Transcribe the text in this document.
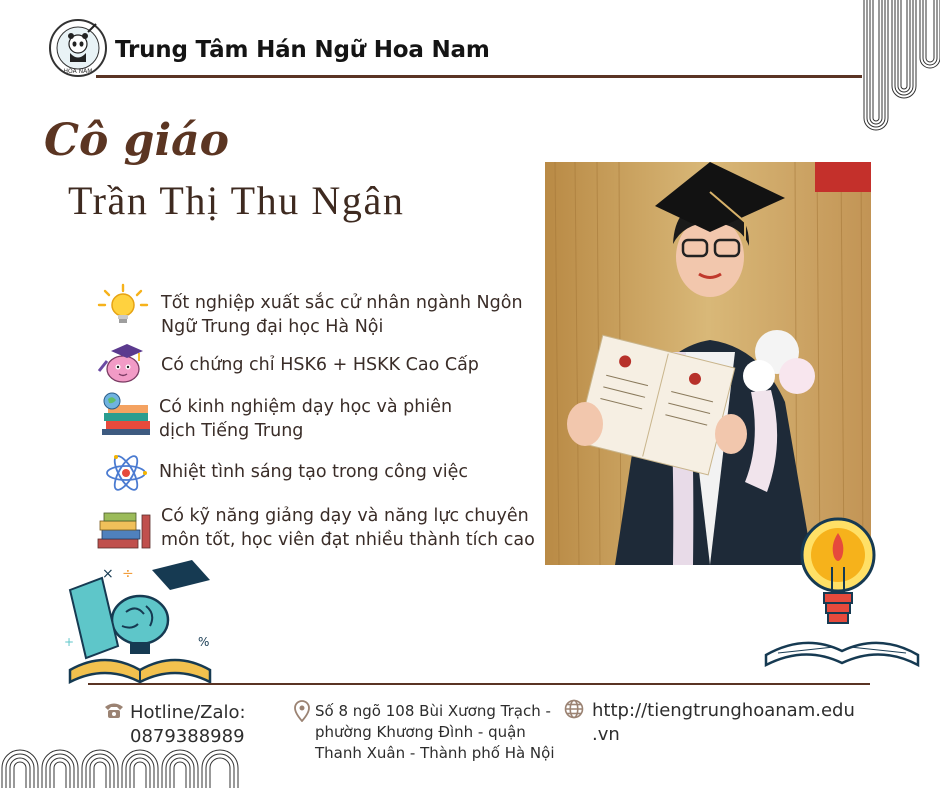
HOA NAM
Trung Tâm Hán Ngữ Hoa Nam
Cô giáo
Trần Thị Thu Ngân
Tốt nghiệp xuất sắc cử nhân ngành Ngôn
Ngữ Trung đại học Hà Nội
Có chứng chỉ HSK6 + HSKK Cao Cấp
Có kinh nghiệm dạy học và phiên
dịch Tiếng Trung
Nhiệt tình sáng tạo trong công việc
Có kỹ năng giảng dạy và năng lực chuyên
môn tốt, học viên đạt nhiều thành tích cao
× ÷
%
+
Hotline/Zalo:
0879388989
Số 8 ngõ 108 Bùi Xương Trạch -
phường Khương Đình - quận
Thanh Xuân - Thành phố Hà Nội
http://tiengtrunghoanam.edu
.vn
